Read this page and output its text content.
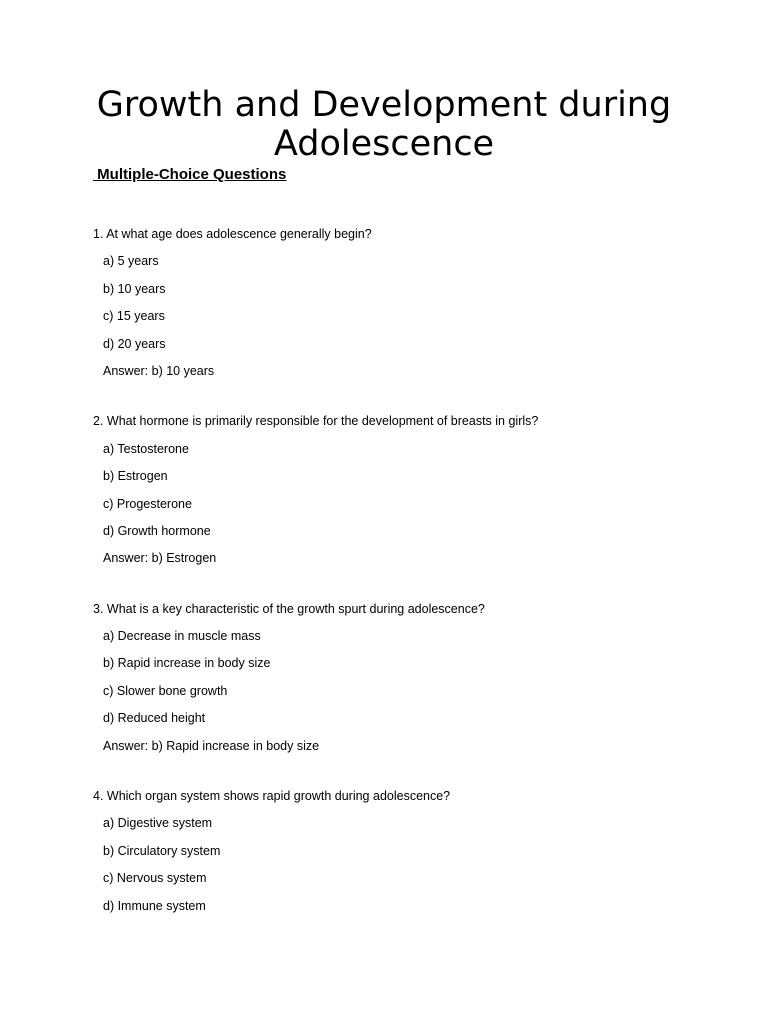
Growth and Development during Adolescence
Multiple-Choice Questions
1. At what age does adolescence generally begin?
a) 5 years
b) 10 years
c) 15 years
d) 20 years
Answer: b) 10 years
2. What hormone is primarily responsible for the development of breasts in girls?
a) Testosterone
b) Estrogen
c) Progesterone
d) Growth hormone
Answer: b) Estrogen
3. What is a key characteristic of the growth spurt during adolescence?
a) Decrease in muscle mass
b) Rapid increase in body size
c) Slower bone growth
d) Reduced height
Answer: b) Rapid increase in body size
4. Which organ system shows rapid growth during adolescence?
a) Digestive system
b) Circulatory system
c) Nervous system
d) Immune system
